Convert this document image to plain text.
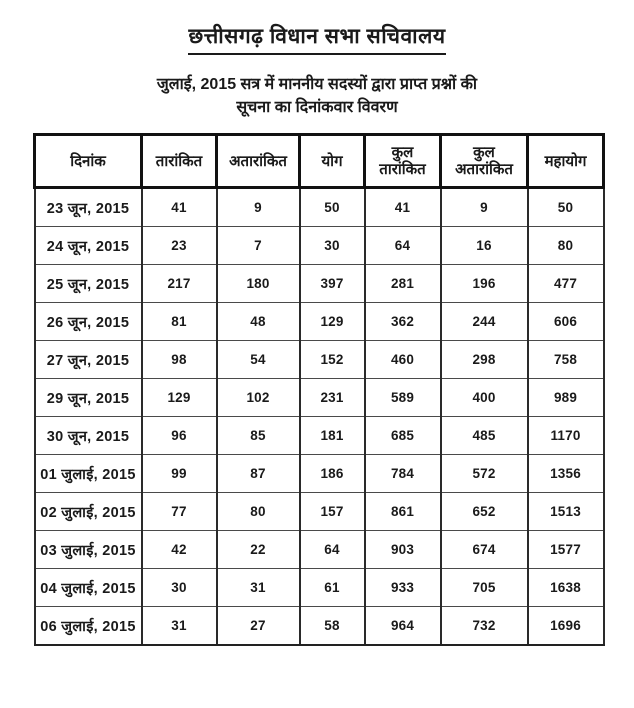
छत्तीसगढ़ विधान सभा सचिवालय
जुलाई, 2015 सत्र में माननीय सदस्यों द्वारा प्राप्त प्रश्नों की
सूचना का दिनांकवार विवरण
दिनांक	तारांकित	अतारांकित	योग	कुल तारांकित	कुल अतारांकित	महायोग
23 जून, 2015	41	9	50	41	9	50
24 जून, 2015	23	7	30	64	16	80
25 जून, 2015	217	180	397	281	196	477
26 जून, 2015	81	48	129	362	244	606
27 जून, 2015	98	54	152	460	298	758
29 जून, 2015	129	102	231	589	400	989
30 जून, 2015	96	85	181	685	485	1170
01 जुलाई, 2015	99	87	186	784	572	1356
02 जुलाई, 2015	77	80	157	861	652	1513
03 जुलाई, 2015	42	22	64	903	674	1577
04 जुलाई, 2015	30	31	61	933	705	1638
06 जुलाई, 2015	31	27	58	964	732	1696
